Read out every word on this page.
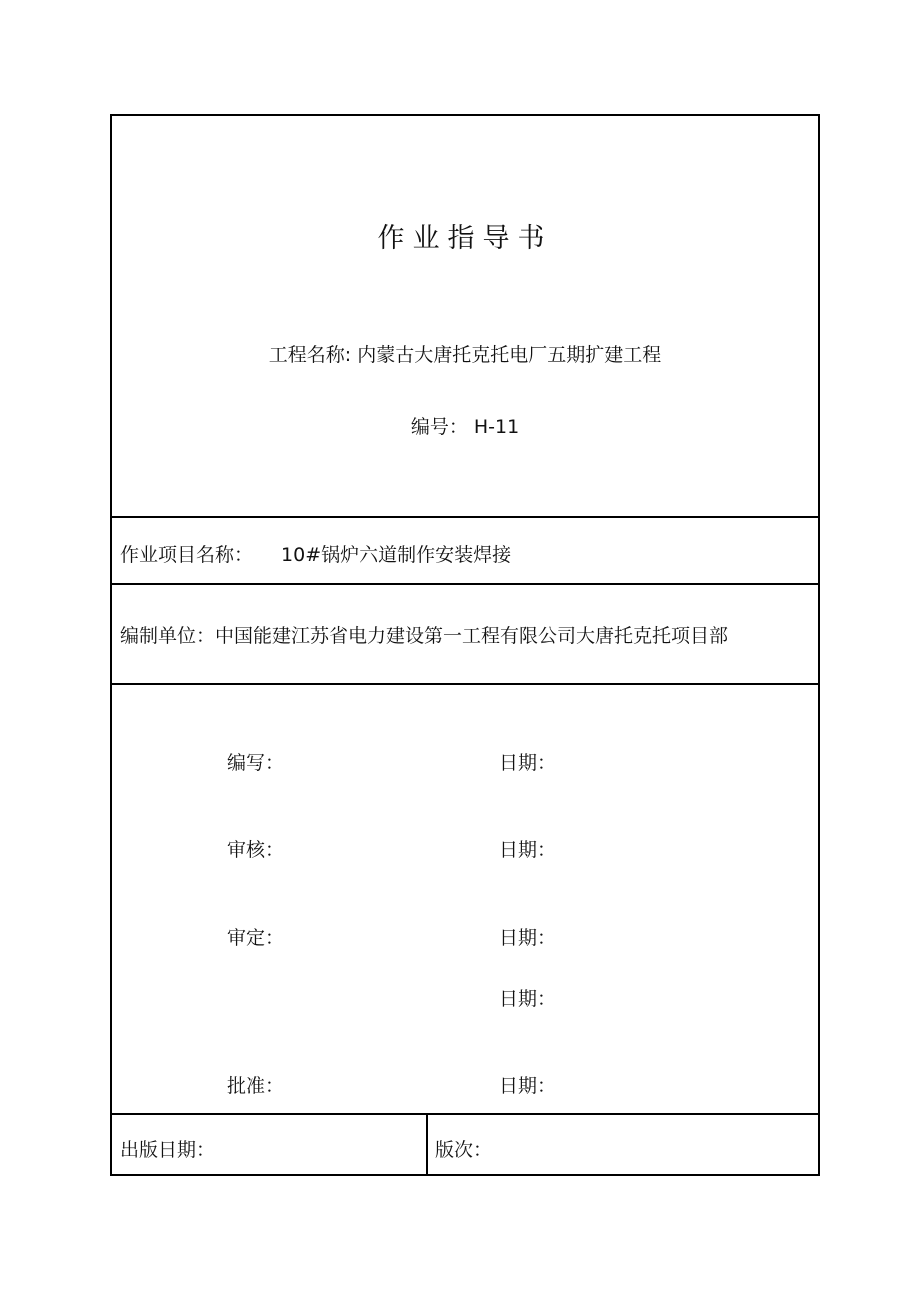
作业指导书
工程名称: 内蒙古大唐托克托电厂五期扩建工程
编号： H-11
作业项目名称： 10#锅炉六道制作安装焊接
编制单位：中国能建江苏省电力建设第一工程有限公司大唐托克托项目部
编写：	日期：
审核：	日期：
审定：	日期：
日期：
批准：	日期：
出版日期：	版次：
